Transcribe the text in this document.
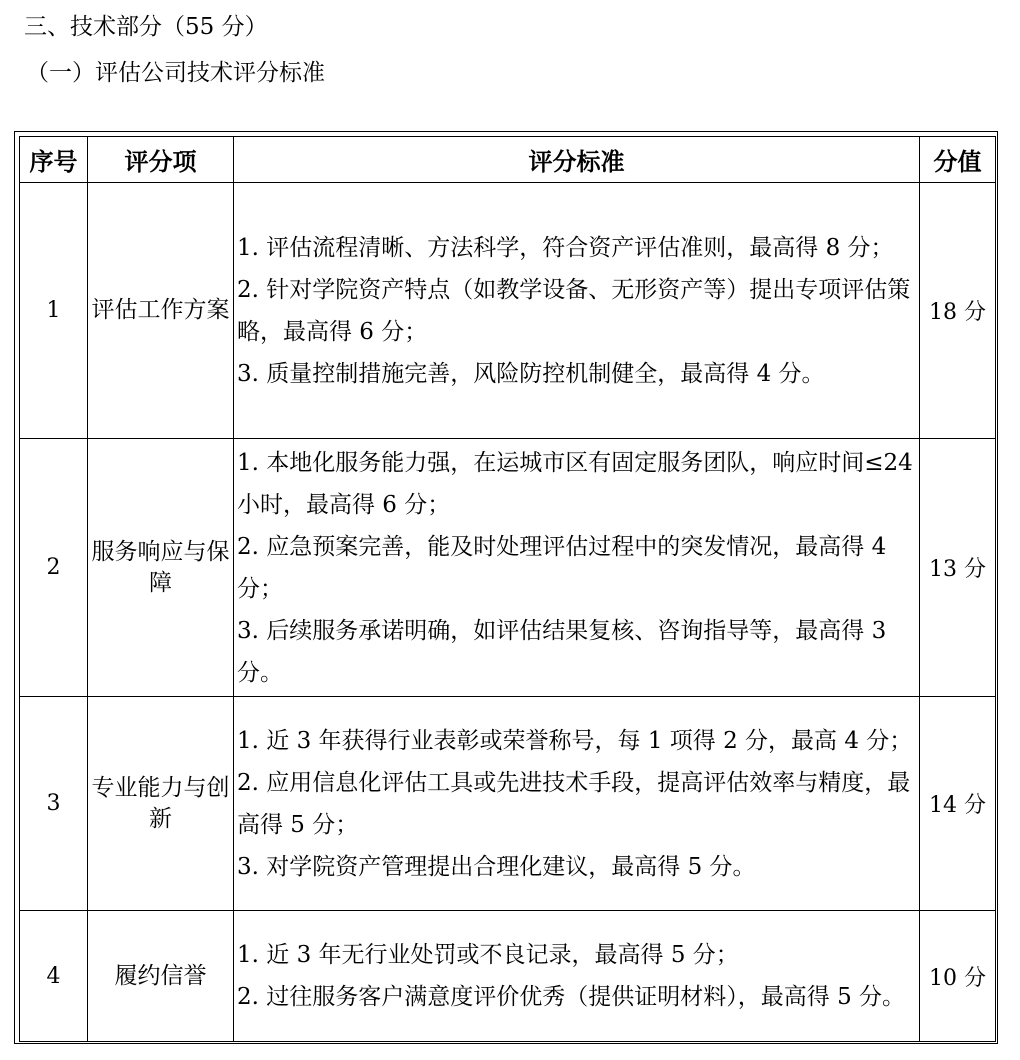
三、技术部分（55 分）
（一）评估公司技术评分标准
序号	评分项	评分标准	分值
1	评估工作方案	1. 评估流程清晰、方法科学，符合资产评估准则，最高得 8 分；
2. 针对学院资产特点（如教学设备、无形资产等）提出专项评估策略，最高得 6 分；
3. 质量控制措施完善，风险防控机制健全，最高得 4 分。	18 分
2	服务响应与保障	1. 本地化服务能力强，在运城市区有固定服务团队，响应时间≤24 小时，最高得 6 分；
2. 应急预案完善，能及时处理评估过程中的突发情况，最高得 4 分；
3. 后续服务承诺明确，如评估结果复核、咨询指导等，最高得 3 分。	13 分
3	专业能力与创新	1. 近 3 年获得行业表彰或荣誉称号，每 1 项得 2 分，最高 4 分；
2. 应用信息化评估工具或先进技术手段，提高评估效率与精度，最高得 5 分；
3. 对学院资产管理提出合理化建议，最高得 5 分。	14 分
4	履约信誉	1. 近 3 年无行业处罚或不良记录，最高得 5 分；
2. 过往服务客户满意度评价优秀（提供证明材料），最高得 5 分。	10 分
